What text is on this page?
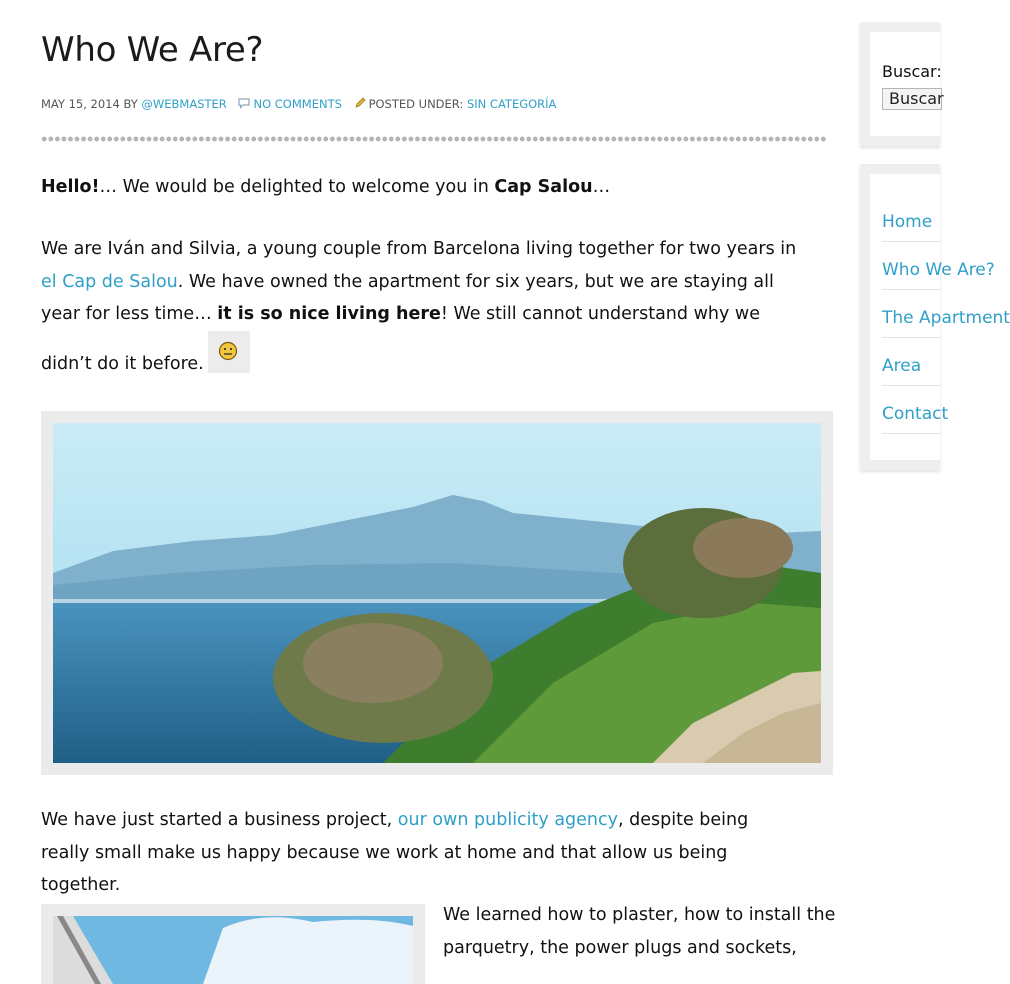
Who We Are?
MAY 15, 2014 BY @WEBMASTER NO COMMENTS POSTED UNDER: SIN CATEGORÍA

Hello!… We would be delighted to welcome you in Cap Salou…

We are Iván and Silvia, a young couple from Barcelona living together for two years in el Cap de Salou. We have owned the apartment for six years, but we are staying all year for less time… it is so nice living here! We still cannot understand why we didn’t do it before.

We have just started a business project, our own publicity agency, despite being really small make us happy because we work at home and that allow us being together.

We learned how to plaster, how to install the parquetry, the power plugs and sockets,

Buscar:
Buscar
Home
Who We Are?
The Apartment
Area
Contact
